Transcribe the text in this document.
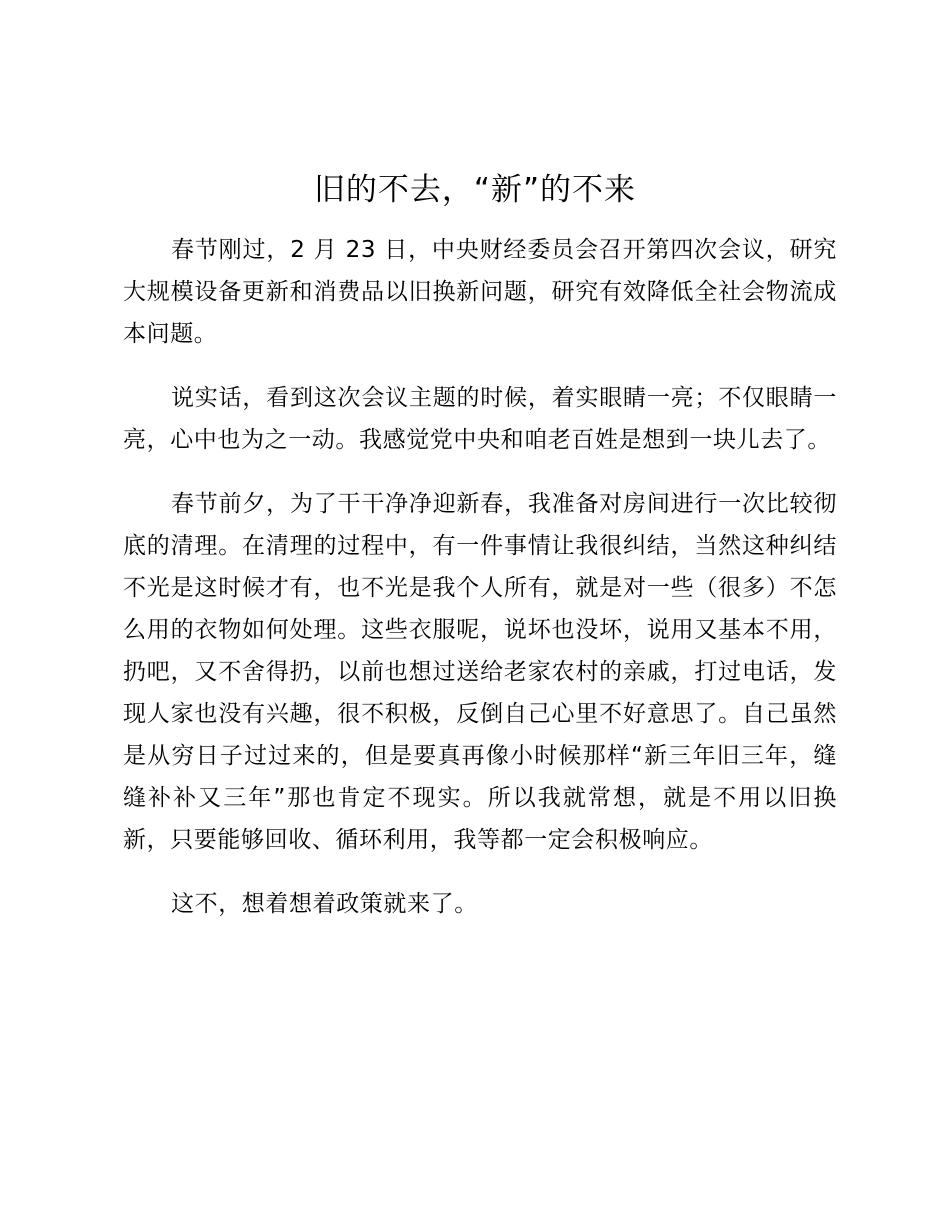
旧的不去，“新”的不来

春节刚过，2 月 23 日，中央财经委员会召开第四次会议，研究大规模设备更新和消费品以旧换新问题，研究有效降低全社会物流成本问题。

说实话，看到这次会议主题的时候，着实眼睛一亮；不仅眼睛一亮，心中也为之一动。我感觉党中央和咱老百姓是想到一块儿去了。

春节前夕，为了干干净净迎新春，我准备对房间进行一次比较彻底的清理。在清理的过程中，有一件事情让我很纠结，当然这种纠结不光是这时候才有，也不光是我个人所有，就是对一些（很多）不怎么用的衣物如何处理。这些衣服呢，说坏也没坏，说用又基本不用，扔吧，又不舍得扔，以前也想过送给老家农村的亲戚，打过电话，发现人家也没有兴趣，很不积极，反倒自己心里不好意思了。自己虽然是从穷日子过过来的，但是要真再像小时候那样“新三年旧三年，缝缝补补又三年”那也肯定不现实。所以我就常想，就是不用以旧换新，只要能够回收、循环利用，我等都一定会积极响应。

这不，想着想着政策就来了。
